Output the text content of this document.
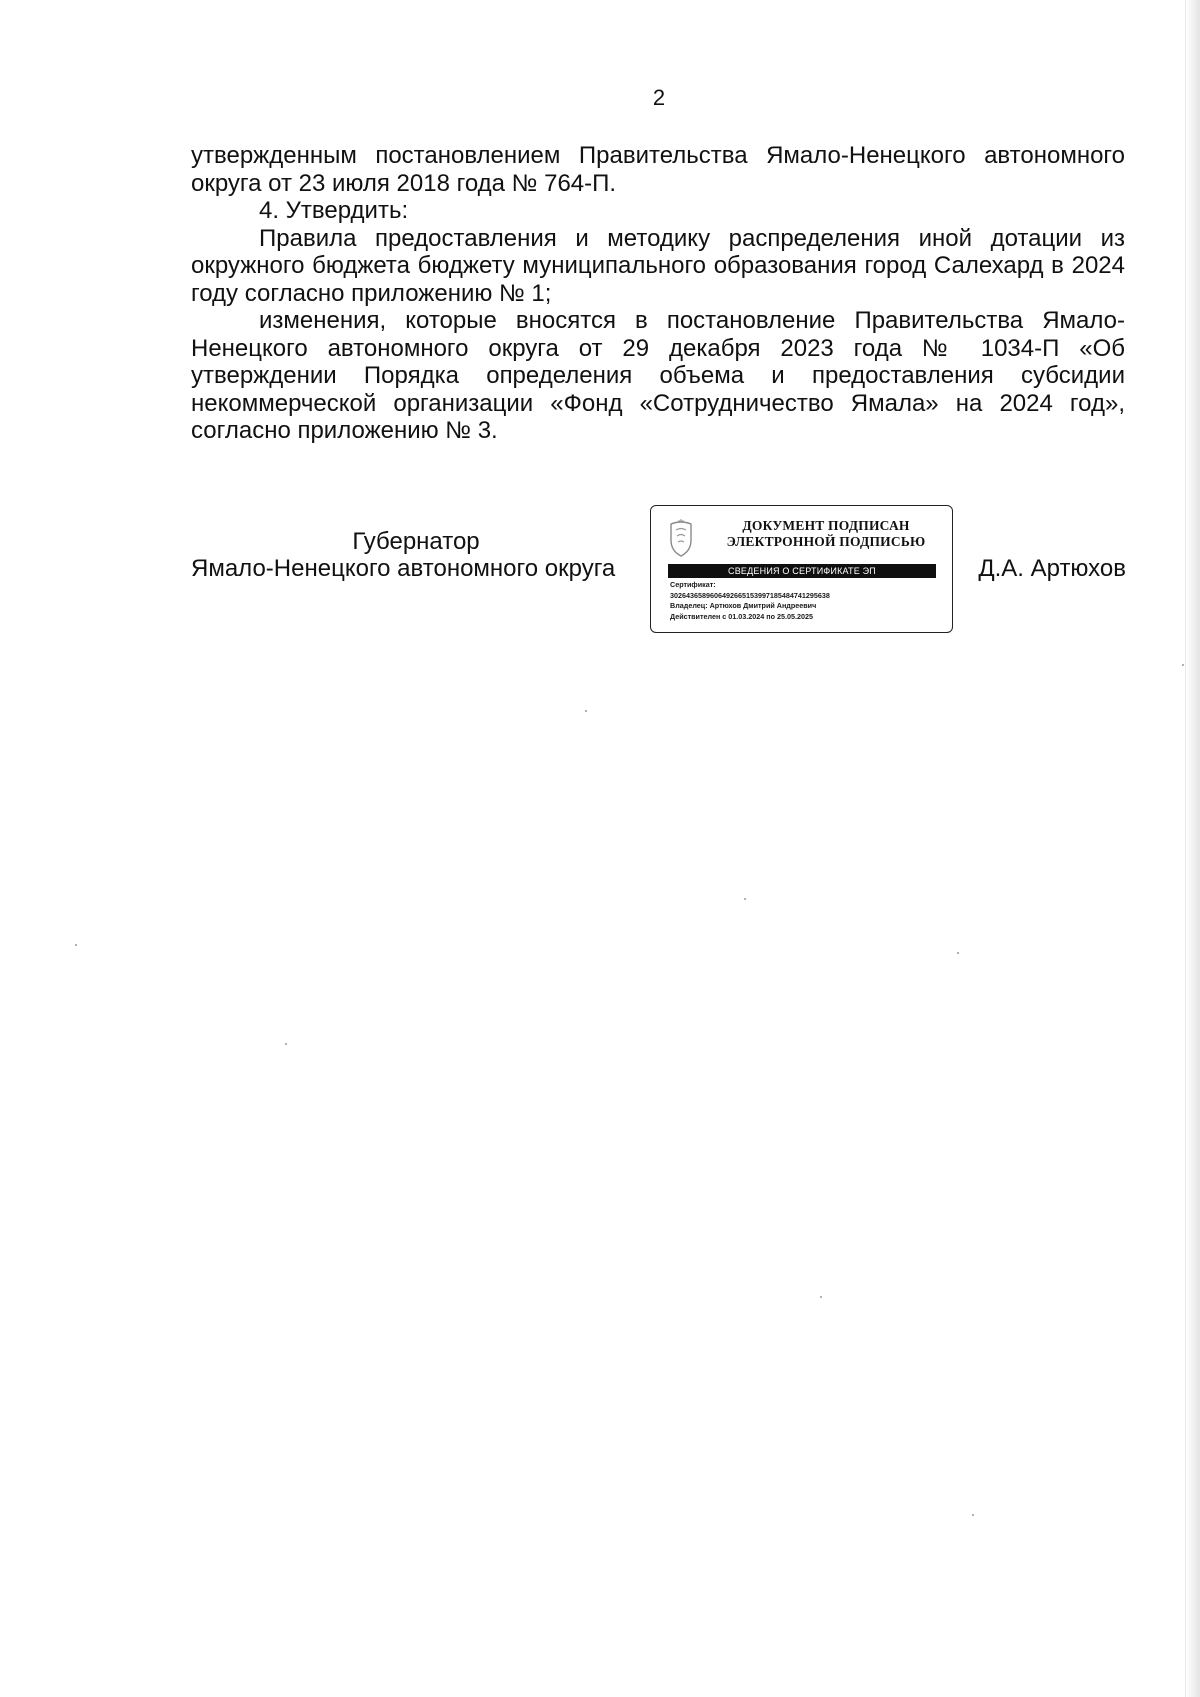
2

утвержденным постановлением Правительства Ямало-Ненецкого автономного округа от 23 июля 2018 года № 764-П.

4. Утвердить:

Правила предоставления и методику распределения иной дотации из окружного бюджета бюджету муниципального образования город Салехард в 2024 году согласно приложению № 1;

изменения, которые вносятся в постановление Правительства Ямало-Ненецкого автономного округа от 29 декабря 2023 года № 1034-П «Об утверждении Порядка определения объема и предоставления субсидии некоммерческой организации «Фонд «Сотрудничество Ямала» на 2024 год», согласно приложению № 3.

Губернатор
Ямало-Ненецкого автономного округа	Д.А. Артюхов
ДОКУМЕНТ ПОДПИСАН
ЭЛЕКТРОННОЙ ПОДПИСЬЮ
СВЕДЕНИЯ О СЕРТИФИКАТЕ ЭП
Сертификат:
3026436589606492665153997185484741295638
Владелец: Артюхов Дмитрий Андреевич
Действителен с 01.03.2024 по 25.05.2025
